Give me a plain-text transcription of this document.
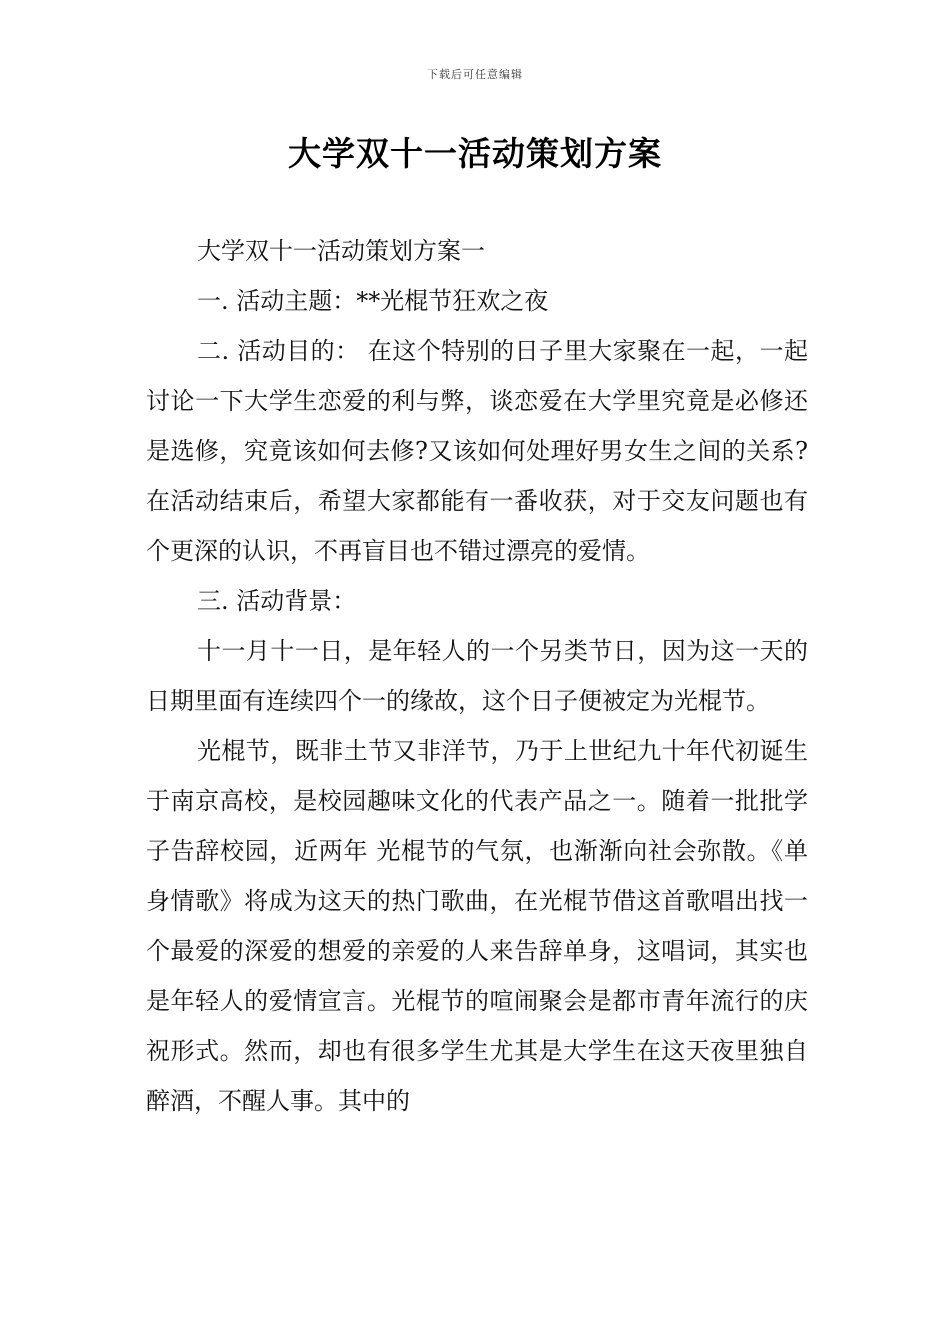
下载后可任意编辑
大学双十一活动策划方案

大学双十一活动策划方案一

一. 活动主题：**光棍节狂欢之夜

二. 活动目的： 在这个特别的日子里大家聚在一起，一起讨论一下大学生恋爱的利与弊，谈恋爱在大学里究竟是必修还是选修，究竟该如何去修?又该如何处理好男女生之间的关系?在活动结束后，希望大家都能有一番收获，对于交友问题也有个更深的认识，不再盲目也不错过漂亮的爱情。

三. 活动背景：

十一月十一日，是年轻人的一个另类节日，因为这一天的日期里面有连续四个一的缘故，这个日子便被定为光棍节。

光棍节，既非土节又非洋节，乃于上世纪九十年代初诞生于南京高校，是校园趣味文化的代表产品之一。随着一批批学子告辞校园，近两年 光棍节的气氛，也渐渐向社会弥散。《单身情歌》将成为这天的热门歌曲，在光棍节借这首歌唱出找一个最爱的深爱的想爱的亲爱的人来告辞单身，这唱词，其实也是年轻人的爱情宣言。光棍节的喧闹聚会是都市青年流行的庆祝形式。然而，却也有很多学生尤其是大学生在这天夜里独自醉酒，不醒人事。其中的
